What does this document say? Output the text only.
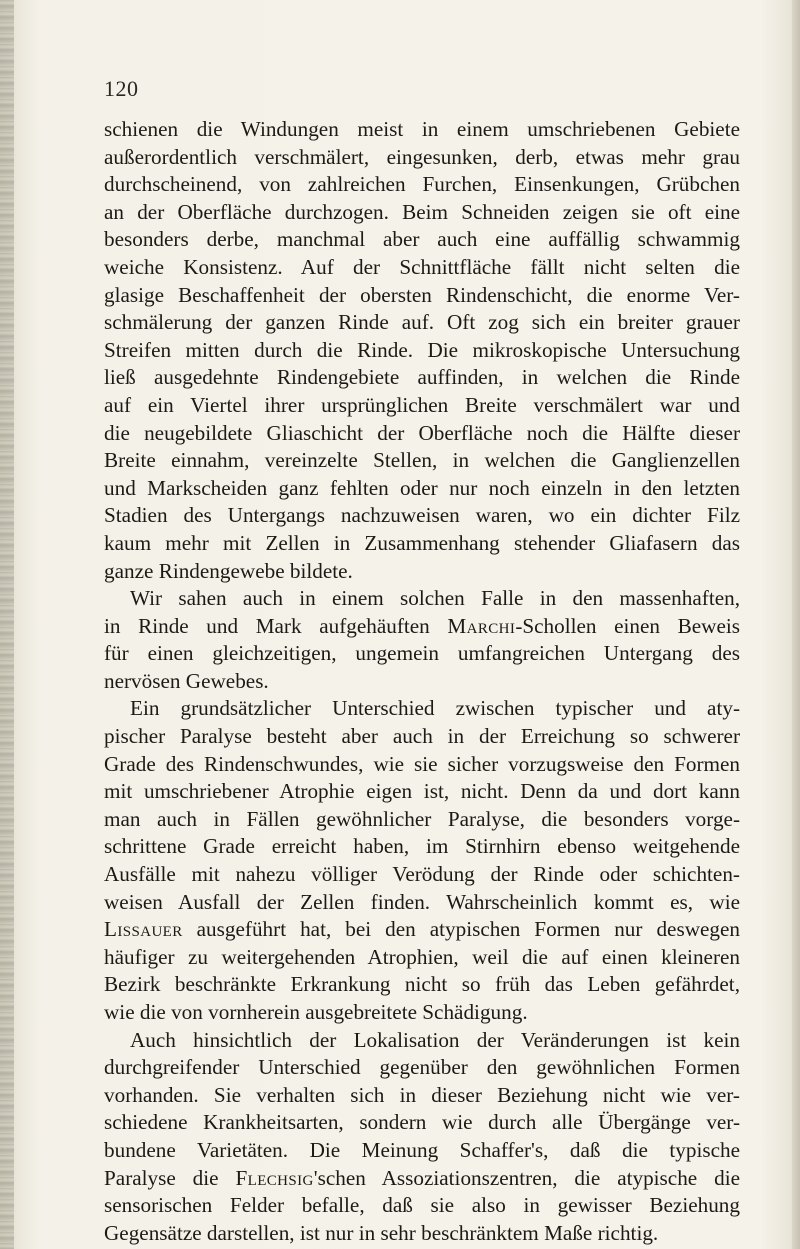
120
schienen die Windungen meist in einem umschriebenen Gebiete
außerordentlich verschmälert, eingesunken, derb, etwas mehr grau
durchscheinend, von zahlreichen Furchen, Einsenkungen, Grübchen
an der Oberfläche durchzogen. Beim Schneiden zeigen sie oft eine
besonders derbe, manchmal aber auch eine auffällig schwammig
weiche Konsistenz. Auf der Schnittfläche fällt nicht selten die
glasige Beschaffenheit der obersten Rindenschicht, die enorme Ver-
schmälerung der ganzen Rinde auf. Oft zog sich ein breiter grauer
Streifen mitten durch die Rinde. Die mikroskopische Untersuchung
ließ ausgedehnte Rindengebiete auffinden, in welchen die Rinde
auf ein Viertel ihrer ursprünglichen Breite verschmälert war und
die neugebildete Gliaschicht der Oberfläche noch die Hälfte dieser
Breite einnahm, vereinzelte Stellen, in welchen die Ganglienzellen
und Markscheiden ganz fehlten oder nur noch einzeln in den letzten
Stadien des Untergangs nachzuweisen waren, wo ein dichter Filz
kaum mehr mit Zellen in Zusammenhang stehender Gliafasern das
ganze Rindengewebe bildete.
Wir sahen auch in einem solchen Falle in den massenhaften,
in Rinde und Mark aufgehäuften Marchi-Schollen einen Beweis
für einen gleichzeitigen, ungemein umfangreichen Untergang des
nervösen Gewebes.
Ein grundsätzlicher Unterschied zwischen typischer und aty-
pischer Paralyse besteht aber auch in der Erreichung so schwerer
Grade des Rindenschwundes, wie sie sicher vorzugsweise den Formen
mit umschriebener Atrophie eigen ist, nicht. Denn da und dort kann
man auch in Fällen gewöhnlicher Paralyse, die besonders vorge-
schrittene Grade erreicht haben, im Stirnhirn ebenso weitgehende
Ausfälle mit nahezu völliger Verödung der Rinde oder schichten-
weisen Ausfall der Zellen finden. Wahrscheinlich kommt es, wie
Lissauer ausgeführt hat, bei den atypischen Formen nur deswegen
häufiger zu weitergehenden Atrophien, weil die auf einen kleineren
Bezirk beschränkte Erkrankung nicht so früh das Leben gefährdet,
wie die von vornherein ausgebreitete Schädigung.
Auch hinsichtlich der Lokalisation der Veränderungen ist kein
durchgreifender Unterschied gegenüber den gewöhnlichen Formen
vorhanden. Sie verhalten sich in dieser Beziehung nicht wie ver-
schiedene Krankheitsarten, sondern wie durch alle Übergänge ver-
bundene Varietäten. Die Meinung Schaffer's, daß die typische
Paralyse die Flechsig'schen Assoziationszentren, die atypische die
sensorischen Felder befalle, daß sie also in gewisser Beziehung
Gegensätze darstellen, ist nur in sehr beschränktem Maße richtig.
